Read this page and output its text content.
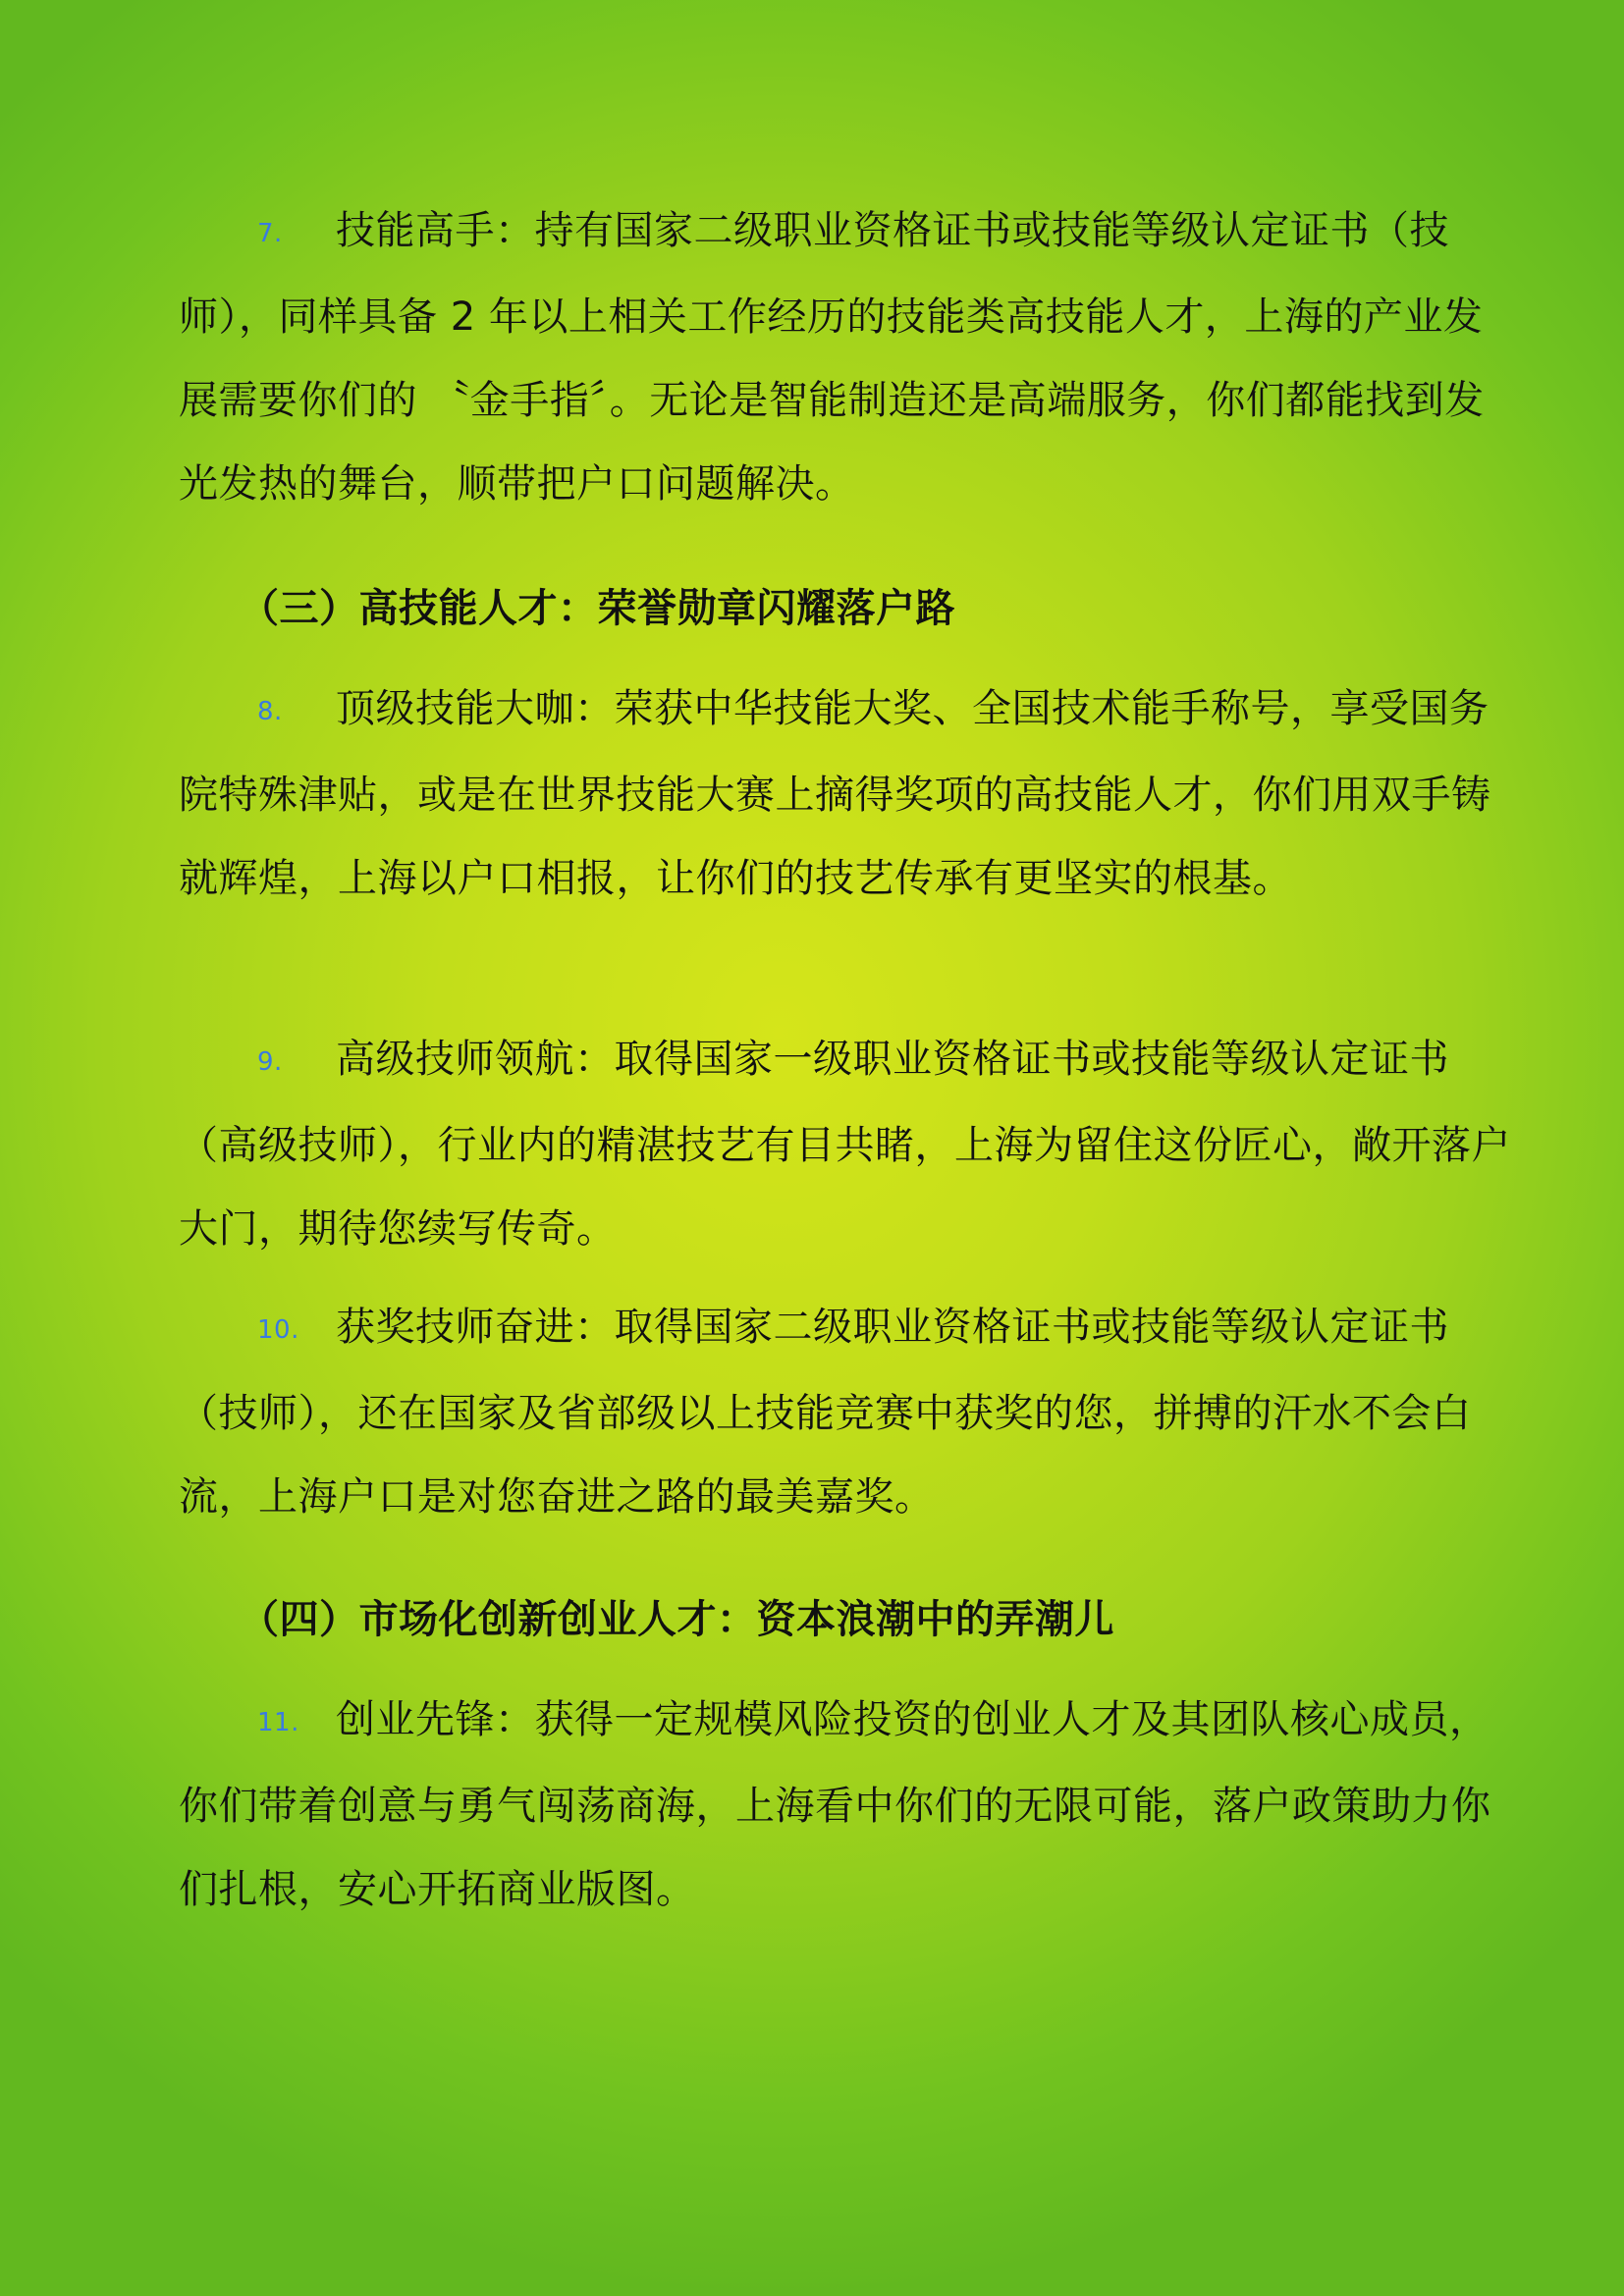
7. 技能高手：持有国家二级职业资格证书或技能等级认定证书（技师），同样具备 2 年以上相关工作经历的技能类高技能人才，上海的产业发展需要你们的 〝金手指〞。无论是智能制造还是高端服务，你们都能找到发光发热的舞台，顺带把户口问题解决。

（三）高技能人才：荣誉勋章闪耀落户路

8. 顶级技能大咖：荣获中华技能大奖、全国技术能手称号，享受国务院特殊津贴，或是在世界技能大赛上摘得奖项的高技能人才，你们用双手铸就辉煌，上海以户口相报，让你们的技艺传承有更坚实的根基。

9. 高级技师领航：取得国家一级职业资格证书或技能等级认定证书（高级技师），行业内的精湛技艺有目共睹，上海为留住这份匠心，敞开落户大门，期待您续写传奇。

10. 获奖技师奋进：取得国家二级职业资格证书或技能等级认定证书（技师），还在国家及省部级以上技能竞赛中获奖的您，拼搏的汗水不会白流，上海户口是对您奋进之路的最美嘉奖。

（四）市场化创新创业人才：资本浪潮中的弄潮儿

11. 创业先锋：获得一定规模风险投资的创业人才及其团队核心成员，你们带着创意与勇气闯荡商海，上海看中你们的无限可能，落户政策助力你们扎根，安心开拓商业版图。
